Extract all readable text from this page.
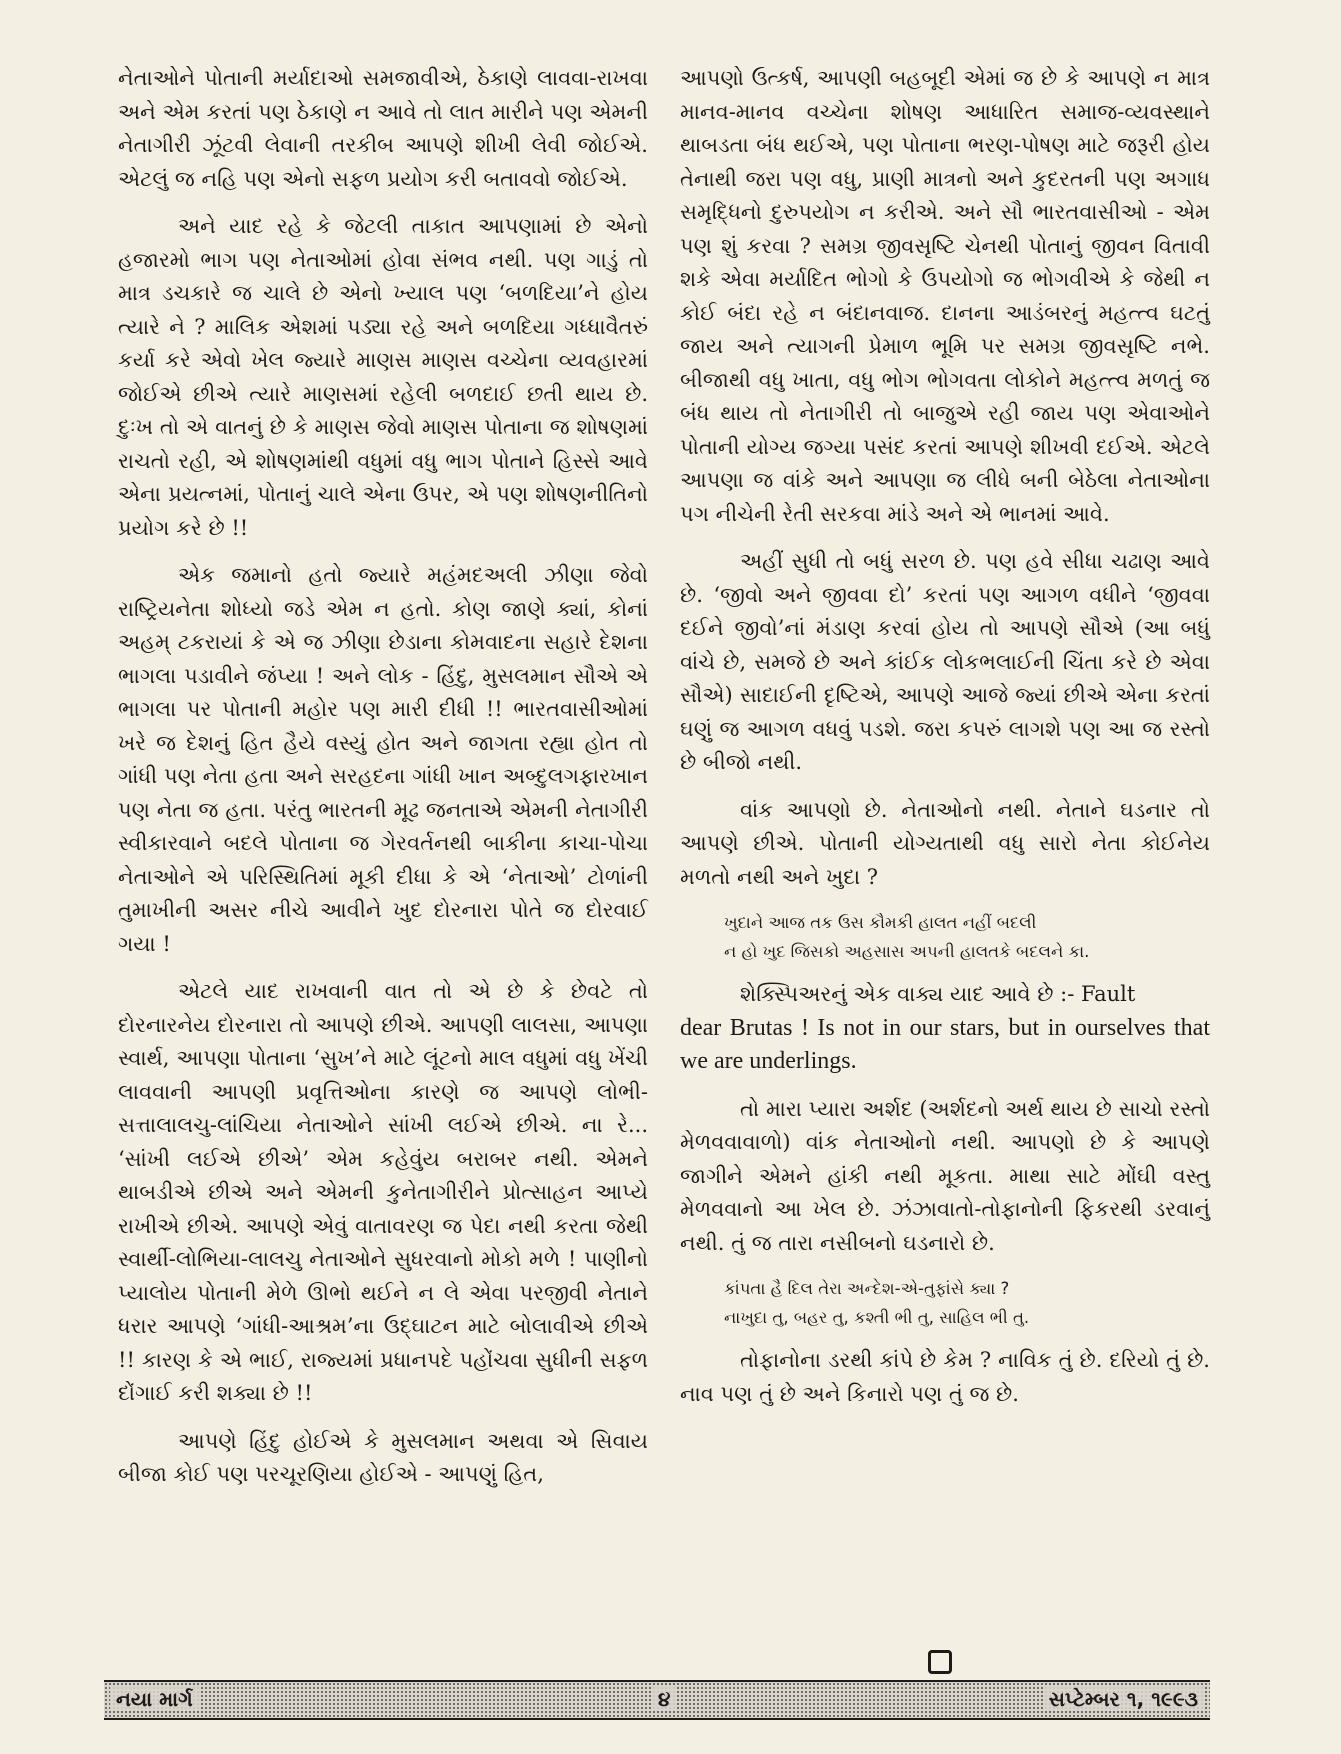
નેતાઓને પોતાની મર્યાદાઓ સમજાવીએ, ઠેકાણે લાવવા-રાખવા અને એમ કરતાં પણ ઠેકાણે ન આવે તો લાત મારીને પણ એમની નેતાગીરી ઝૂંટવી લેવાની તરકીબ આપણે શીખી લેવી જોઈએ. એટલું જ નહિ પણ એનો સફળ પ્રયોગ કરી બતાવવો જોઈએ.

અને યાદ રહે કે જેટલી તાકાત આપણામાં છે એનો હજારમો ભાગ પણ નેતાઓમાં હોવા સંભવ નથી. પણ ગાડું તો માત્ર ડચકારે જ ચાલે છે એનો ખ્યાલ પણ ‘બળદિયા’ને હોય ત્યારે ને ? માલિક એશમાં પડ્યા રહે અને બળદિયા ગધ્ધાવૈતરું કર્યા કરે એવો ખેલ જ્યારે માણસ માણસ વચ્ચેના વ્યવહારમાં જોઈએ છીએ ત્યારે માણસમાં રહેલી બળદાઈ છતી થાય છે. દુઃખ તો એ વાતનું છે કે માણસ જેવો માણસ પોતાના જ શોષણમાં રાચતો રહી, એ શોષણમાંથી વધુમાં વધુ ભાગ પોતાને હિસ્સે આવે એના પ્રયત્નમાં, પોતાનું ચાલે એના ઉપર, એ પણ શોષણનીતિનો પ્રયોગ કરે છે !!

એક જમાનો હતો જ્યારે મહંમદઅલી ઝીણા જેવો રાષ્ટ્રિયનેતા શોધ્યો જડે એમ ન હતો. કોણ જાણે ક્યાં, કોનાં અહમ્ ટકરાયાં કે એ જ ઝીણા છેડાના કોમવાદના સહારે દેશના ભાગલા પડાવીને જંપ્યા ! અને લોક - હિંદુ, મુસલમાન સૌએ એ ભાગલા પર પોતાની મહોર પણ મારી દીધી !! ભારતવાસીઓમાં ખરે જ દેશનું હિત હૈયે વસ્યું હોત અને જાગતા રહ્યા હોત તો ગાંધી પણ નેતા હતા અને સરહદના ગાંધી ખાન અબ્દુલગફારખાન પણ નેતા જ હતા. પરંતુ ભારતની મૂઢ જનતાએ એમની નેતાગીરી સ્વીકારવાને બદલે પોતાના જ ગેરવર્તનથી બાકીના કાચા-પોચા નેતાઓને એ પરિસ્થિતિમાં મૂકી દીધા કે એ ‘નેતાઓ’ ટોળાંની તુમાખીની અસર નીચે આવીને ખુદ દોરનારા પોતે જ દોરવાઈ ગયા !

એટલે યાદ રાખવાની વાત તો એ છે કે છેવટે તો દોરનારનેય દોરનારા તો આપણે છીએ. આપણી લાલસા, આપણા સ્વાર્થ, આપણા પોતાના ‘સુખ’ને માટે લૂંટનો માલ વધુમાં વધુ ખેંચી લાવવાની આપણી પ્રવૃત્તિઓના કારણે જ આપણે લોભી-સત્તાલાલચુ-લાંચિયા નેતાઓને સાંખી લઈએ છીએ. ના રે... ‘સાંખી લઈએ છીએ’ એમ કહેવુંય બરાબર નથી. એમને થાબડીએ છીએ અને એમની કુનેતાગીરીને પ્રોત્સાહન આપ્યે રાખીએ છીએ. આપણે એવું વાતાવરણ જ પેદા નથી કરતા જેથી સ્વાર્થી-લોભિયા-લાલચુ નેતાઓને સુધરવાનો મોકો મળે ! પાણીનો પ્યાલોય પોતાની મેળે ઊભો થઈને ન લે એવા પરજીવી નેતાને ધરાર આપણે ‘ગાંધી-આશ્રમ’ના ઉદ્ઘાટન માટે બોલાવીએ છીએ !! કારણ કે એ ભાઈ, રાજ્યમાં પ્રધાનપદે પહોંચવા સુધીની સફળ દોંગાઈ કરી શક્યા છે !!

આપણે હિંદુ હોઈએ કે મુસલમાન અથવા એ સિવાય બીજા કોઈ પણ પરચૂરણિયા હોઈએ - આપણું હિત,

આપણો ઉત્કર્ષ, આપણી બહબૂદી એમાં જ છે કે આપણે ન માત્ર માનવ-માનવ વચ્ચેના શોષણ આધારિત સમાજ-વ્યવસ્થાને થાબડતા બંધ થઈએ, પણ પોતાના ભરણ-પોષણ માટે જરૂરી હોય તેનાથી જરા પણ વધુ, પ્રાણી માત્રનો અને કુદરતની પણ અગાધ સમૃદ્ધિનો દુરુપયોગ ન કરીએ. અને સૌ ભારતવાસીઓ - એમ પણ શું કરવા ? સમગ્ર જીવસૃષ્ટિ ચેનથી પોતાનું જીવન વિતાવી શકે એવા મર્યાદિત ભોગો કે ઉપયોગો જ ભોગવીએ કે જેથી ન કોઈ બંદા રહે ન બંદાનવાજ. દાનના આડંબરનું મહત્ત્વ ઘટતું જાય અને ત્યાગની પ્રેમાળ ભૂમિ પર સમગ્ર જીવસૃષ્ટિ નભે. બીજાથી વધુ ખાતા, વધુ ભોગ ભોગવતા લોકોને મહત્ત્વ મળતું જ બંધ થાય તો નેતાગીરી તો બાજુએ રહી જાય પણ એવાઓને પોતાની યોગ્ય જગ્યા પસંદ કરતાં આપણે શીખવી દઈએ. એટલે આપણા જ વાંકે અને આપણા જ લીધે બની બેઠેલા નેતાઓના પગ નીચેની રેતી સરકવા માંડે અને એ ભાનમાં આવે.

અહીં સુધી તો બધું સરળ છે. પણ હવે સીધા ચઢાણ આવે છે. ‘જીવો અને જીવવા દો’ કરતાં પણ આગળ વધીને ‘જીવવા દઈને જીવો’નાં મંડાણ કરવાં હોય તો આપણે સૌએ (આ બધું વાંચે છે, સમજે છે અને કાંઈક લોકભલાઈની ચિંતા કરે છે એવા સૌએ) સાદાઈની દૃષ્ટિએ, આપણે આજે જ્યાં છીએ એના કરતાં ઘણું જ આગળ વધવું પડશે. જરા કપરું લાગશે પણ આ જ રસ્તો છે બીજો નથી.

વાંક આપણો છે. નેતાઓનો નથી. નેતાને ઘડનાર તો આપણે છીએ. પોતાની યોગ્યતાથી વધુ સારો નેતા કોઈનેય મળતો નથી અને ખુદા ?

ખુદાને આજ તક ઉસ કૌમકી હાલત નહીં બદલી
ન હો ખુદ જિસકો અહસાસ અપની હાલતકે બદલને કા.

શેક્સ્પિઅરનું એક વાક્ય યાદ આવે છે :- Fault

dear Brutas ! Is not in our stars, but in ourselves that we are underlings.

તો મારા પ્યારા અર્શદ (અર્શદનો અર્થ થાય છે સાચો રસ્તો મેળવવાવાળો) વાંક નેતાઓનો નથી. આપણો છે કે આપણે જાગીને એમને હાંકી નથી મૂકતા. માથા સાટે મોંઘી વસ્તુ મેળવવાનો આ ખેલ છે. ઝંઝાવાતો-તોફાનોની ફિકરથી ડરવાનું નથી. તું જ તારા નસીબનો ઘડનારો છે.

કાંપતા હૈ દિલ તેરા અન્દેશ-એ-તુફાંસે ક્યા ?
નાખુદા તુ, બહર તુ, કશ્તી ભી તુ, સાહિલ ભી તુ.

તોફાનોના ડરથી કાંપે છે કેમ ? નાવિક તું છે. દરિયો તું છે. નાવ પણ તું છે અને કિનારો પણ તું જ છે.

નયા માર્ગ	૪	સપ્ટેમ્બર ૧, ૧૯૯૩
